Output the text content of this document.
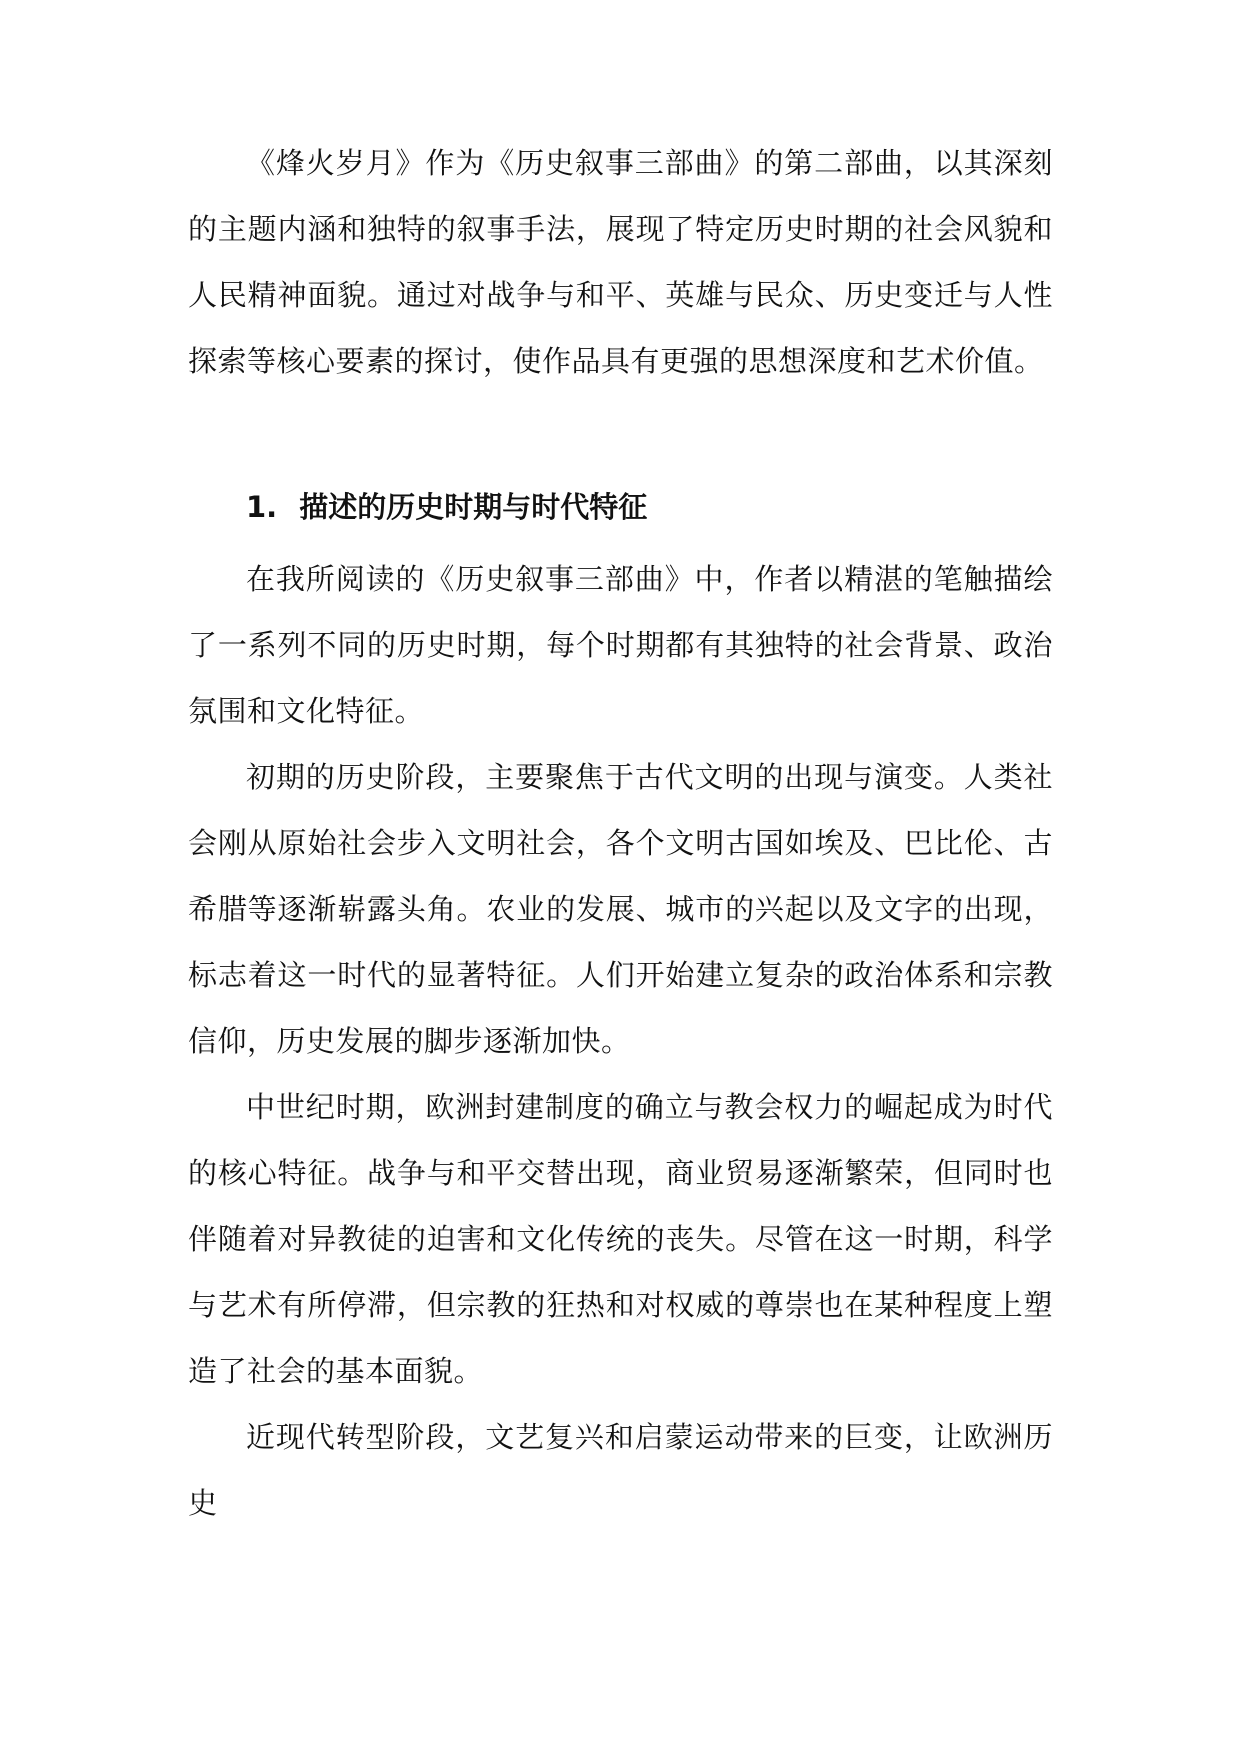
《烽火岁月》作为《历史叙事三部曲》的第二部曲，以其深刻的主题内涵和独特的叙事手法，展现了特定历史时期的社会风貌和人民精神面貌。通过对战争与和平、英雄与民众、历史变迁与人性探索等核心要素的探讨，使作品具有更强的思想深度和艺术价值。

1. 描述的历史时期与时代特征

在我所阅读的《历史叙事三部曲》中，作者以精湛的笔触描绘了一系列不同的历史时期，每个时期都有其独特的社会背景、政治氛围和文化特征。

初期的历史阶段，主要聚焦于古代文明的出现与演变。人类社会刚从原始社会步入文明社会，各个文明古国如埃及、巴比伦、古希腊等逐渐崭露头角。农业的发展、城市的兴起以及文字的出现，标志着这一时代的显著特征。人们开始建立复杂的政治体系和宗教信仰，历史发展的脚步逐渐加快。

中世纪时期，欧洲封建制度的确立与教会权力的崛起成为时代的核心特征。战争与和平交替出现，商业贸易逐渐繁荣，但同时也伴随着对异教徒的迫害和文化传统的丧失。尽管在这一时期，科学与艺术有所停滞，但宗教的狂热和对权威的尊崇也在某种程度上塑造了社会的基本面貌。

近现代转型阶段，文艺复兴和启蒙运动带来的巨变，让欧洲历史
